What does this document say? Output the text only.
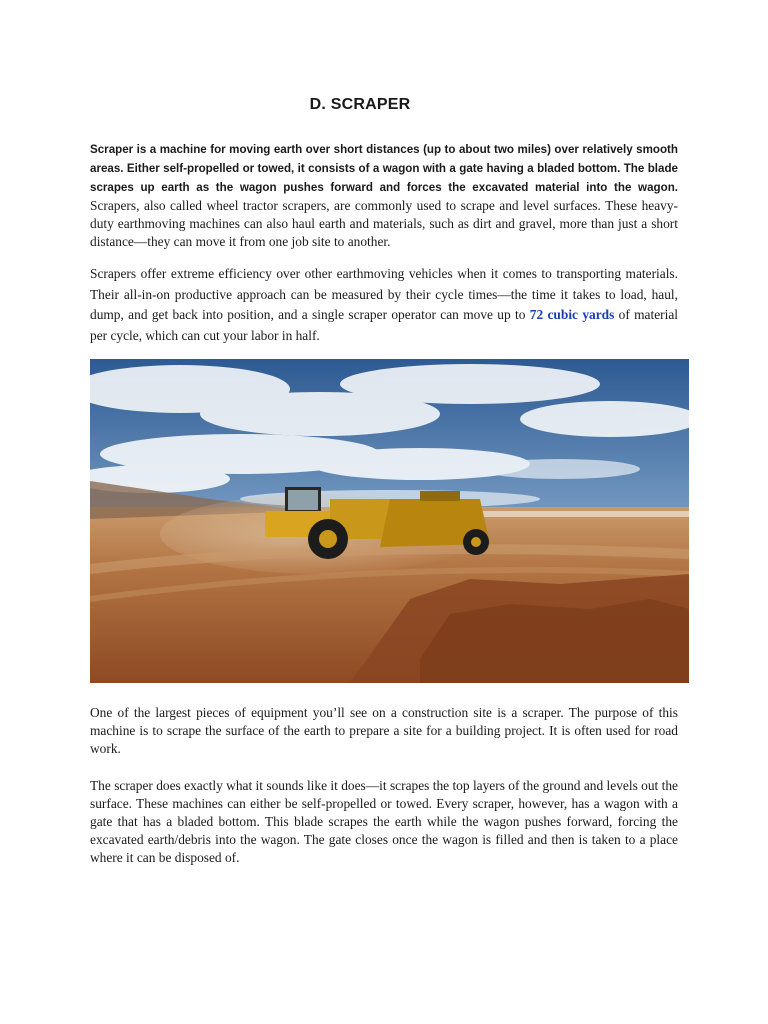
D. SCRAPER

Scraper is a machine for moving earth over short distances (up to about two miles) over relatively smooth areas. Either self-propelled or towed, it consists of a wagon with a gate having a bladed bottom. The blade scrapes up earth as the wagon pushes forward and forces the excavated material into the wagon. Scrapers, also called wheel tractor scrapers, are commonly used to scrape and level surfaces. These heavy-duty earthmoving machines can also haul earth and materials, such as dirt and gravel, more than just a short distance—they can move it from one job site to another.

Scrapers offer extreme efficiency over other earthmoving vehicles when it comes to transporting materials. Their all-in-on productive approach can be measured by their cycle times—the time it takes to load, haul, dump, and get back into position, and a single scraper operator can move up to 72 cubic yards of material per cycle, which can cut your labor in half.

One of the largest pieces of equipment you’ll see on a construction site is a scraper. The purpose of this machine is to scrape the surface of the earth to prepare a site for a building project. It is often used for road work.

The scraper does exactly what it sounds like it does—it scrapes the top layers of the ground and levels out the surface. These machines can either be self-propelled or towed. Every scraper, however, has a wagon with a gate that has a bladed bottom. This blade scrapes the earth while the wagon pushes forward, forcing the excavated earth/debris into the wagon. The gate closes once the wagon is filled and then is taken to a place where it can be disposed of.
